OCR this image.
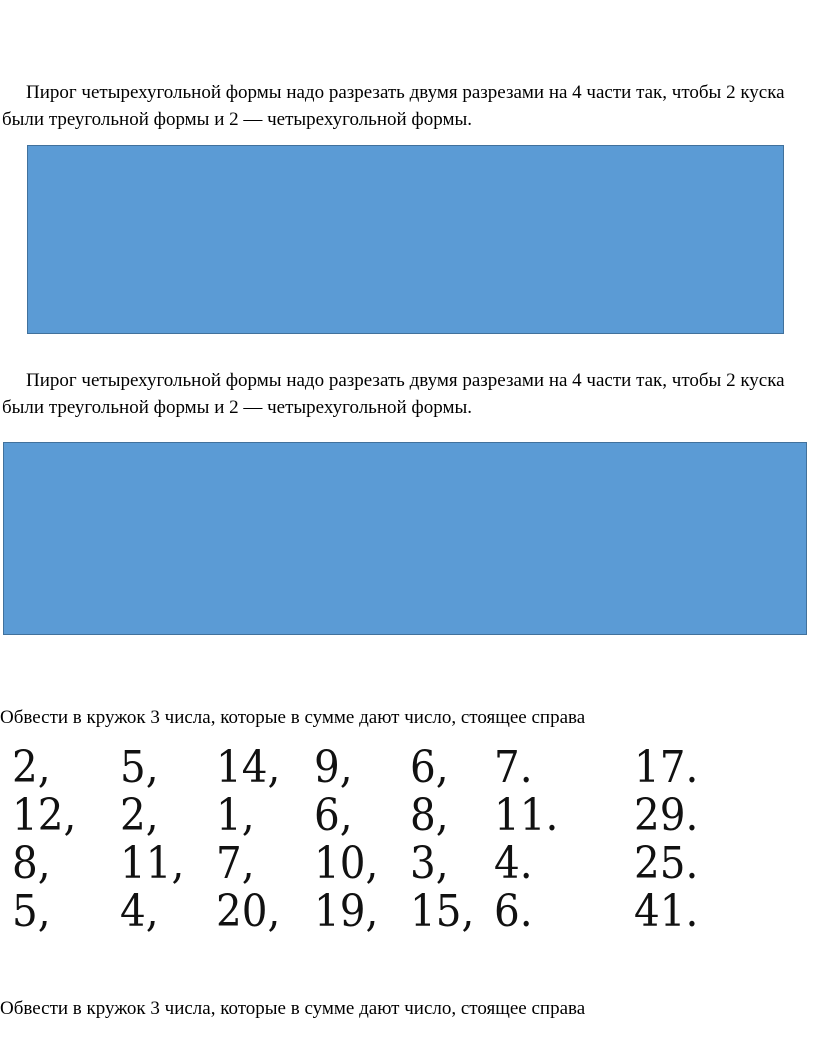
Пирог четырехугольной формы надо разрезать двумя разрезами на 4 части так, чтобы 2 куска были треугольной формы и 2 — четырехугольной формы.

Пирог четырехугольной формы надо разрезать двумя разрезами на 4 части так, чтобы 2 куска были треугольной формы и 2 — четырехугольной формы.

Обвести в кружок 3 числа, которые в сумме дают число, стоящее справа

2, 5, 14, 9, 6, 7. 17.
12, 2, 1, 6, 8, 11. 29.
8, 11, 7, 10, 3, 4. 25.
5, 4, 20, 19, 15, 6. 41.

Обвести в кружок 3 числа, которые в сумме дают число, стоящее справа
